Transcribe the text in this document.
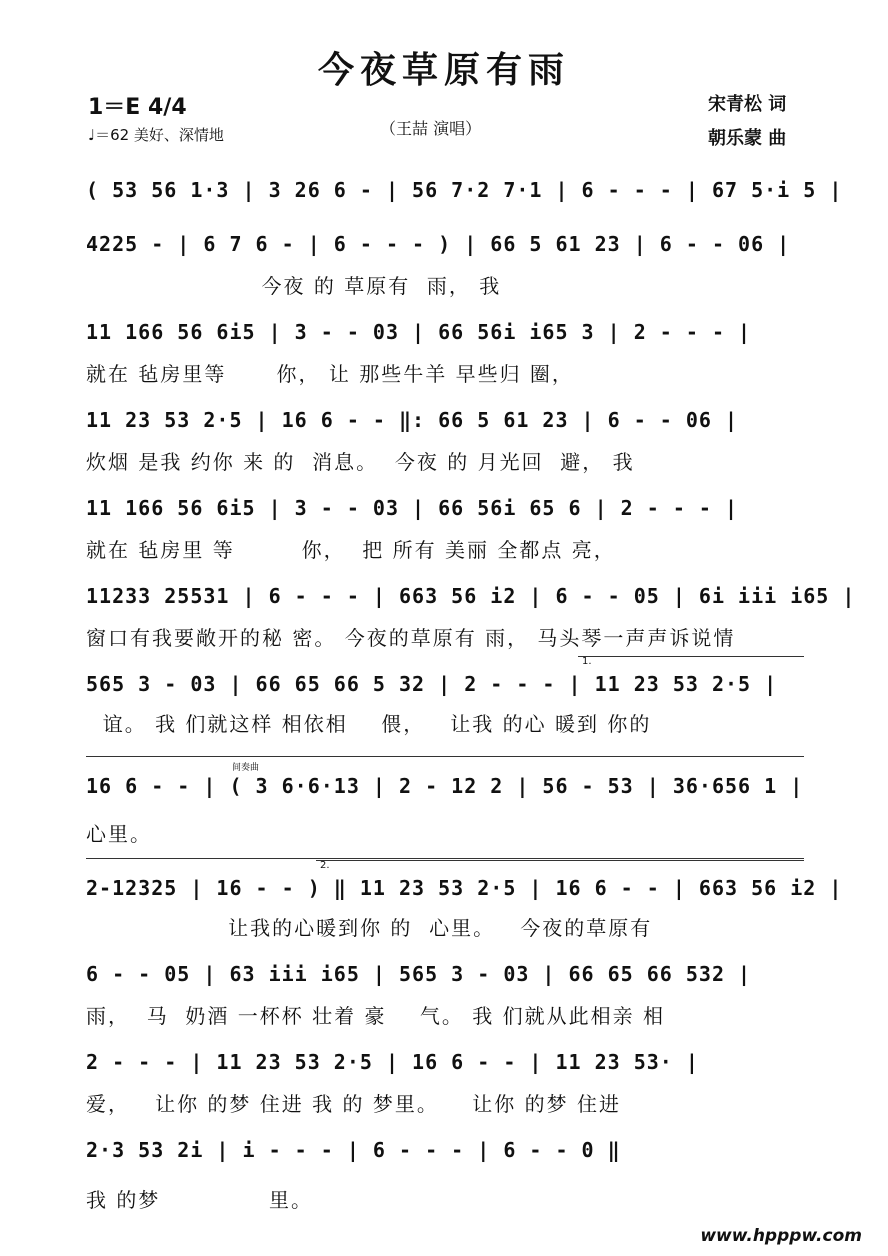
今夜草原有雨
1＝E 4/4
♩＝62 美好、深情地	（王喆 演唱）
宋青松 词
朝乐蒙 曲
( 53 56 1·3 | 3 26 6 - | 56 7·2 7·1 | 6 - - - | 67 5·i 5 |
4225 - | 6 7 6 - | 6 - - - ) | 66 5 61 23 | 6 - - 06 |
今夜 的 草原有  雨， 我
11 166 56 6i5 | 3 - - 03 | 66 56i i65 3 | 2 - - - |
就在 毡房里等      你， 让 那些牛羊 早些归 圈，
11 23 53 2·5 | 16 6 - - ‖: 66 5 61 23 | 6 - - 06 |
炊烟 是我 约你 来 的  消息。  今夜 的 月光回  避， 我
11 166 56 6i5 | 3 - - 03 | 66 56i 65 6 | 2 - - - |
就在 毡房里 等        你，  把 所有 美丽 全都点 亮，
11233 25531 | 6 - - - | 663 56 i2 | 6 - - 05 | 6i iii i65 |
窗口有我要敞开的秘 密。 今夜的草原有 雨， 马头琴一声声诉说情
1.
565 3 - 03 | 66 65 66 5 32 | 2 - - - | 11 23 53 2·5 |
谊。 我 们就这样 相依相    偎，   让我 的心 暖到 你的
间奏曲
16 6 - - | ( 3 6·6·13 | 2 - 12 2 | 56 - 53 | 36·656 1 |
心里。
2.
2-12325 | 16 - - ) ‖ 11 23 53 2·5 | 16 6 - - | 663 56 i2 |
让我的心暖到你 的  心里。   今夜的草原有
6 - - 05 | 63 iii i65 | 565 3 - 03 | 66 65 66 532 |
雨，  马  奶酒 一杯杯 壮着 豪    气。 我 们就从此相亲 相
2 - - - | 11 23 53 2·5 | 16 6 - - | 11 23 53· |
爱，   让你 的梦 住进 我 的 梦里。    让你 的梦 住进
2·3 53 2i | i - - - | 6 - - - | 6 - - 0 ‖
我 的梦             里。
www.hpppw.com
